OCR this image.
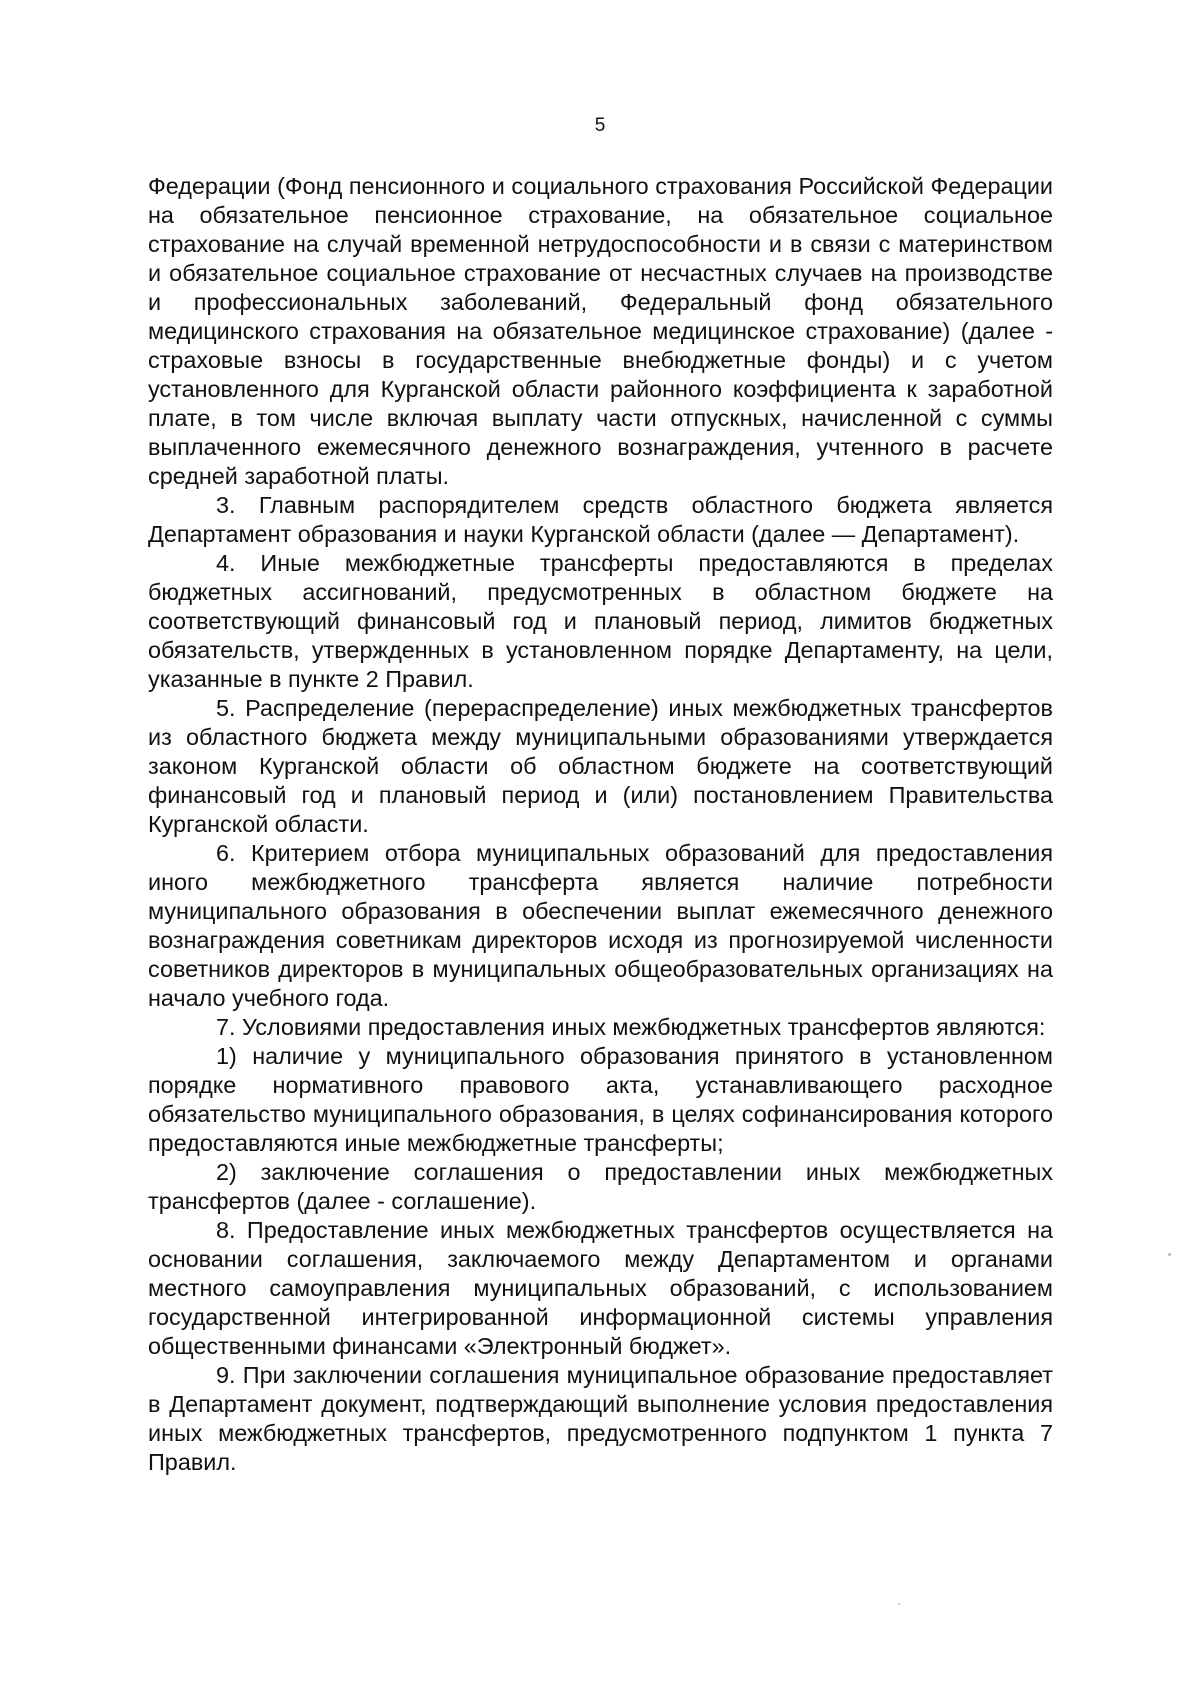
5

Федерации (Фонд пенсионного и социального страхования Российской Федерации на обязательное пенсионное страхование, на обязательное социальное страхование на случай временной нетрудоспособности и в связи с материнством и обязательное социальное страхование от несчастных случаев на производстве и профессиональных заболеваний, Федеральный фонд обязательного медицинского страхования на обязательное медицинское страхование) (далее - страховые взносы в государственные внебюджетные фонды) и с учетом установленного для Курганской области районного коэффициента к заработной плате, в том числе включая выплату части отпускных, начисленной с суммы выплаченного ежемесячного денежного вознаграждения, учтенного в расчете средней заработной платы.

3. Главным распорядителем средств областного бюджета является Департамент образования и науки Курганской области (далее — Департамент).

4. Иные межбюджетные трансферты предоставляются в пределах бюджетных ассигнований, предусмотренных в областном бюджете на соответствующий финансовый год и плановый период, лимитов бюджетных обязательств, утвержденных в установленном порядке Департаменту, на цели, указанные в пункте 2 Правил.

5. Распределение (перераспределение) иных межбюджетных трансфертов из областного бюджета между муниципальными образованиями утверждается законом Курганской области об областном бюджете на соответствующий финансовый год и плановый период и (или) постановлением Правительства Курганской области.

6. Критерием отбора муниципальных образований для предоставления иного межбюджетного трансферта является наличие потребности муниципального образования в обеспечении выплат ежемесячного денежного вознаграждения советникам директоров исходя из прогнозируемой численности советников директоров в муниципальных общеобразовательных организациях на начало учебного года.

7. Условиями предоставления иных межбюджетных трансфертов являются:

1) наличие у муниципального образования принятого в установленном порядке нормативного правового акта, устанавливающего расходное обязательство муниципального образования, в целях софинансирования которого предоставляются иные межбюджетные трансферты;

2) заключение соглашения о предоставлении иных межбюджетных трансфертов (далее - соглашение).

8. Предоставление иных межбюджетных трансфертов осуществляется на основании соглашения, заключаемого между Департаментом и органами местного самоуправления муниципальных образований, с использованием государственной интегрированной информационной системы управления общественными финансами «Электронный бюджет».

9. При заключении соглашения муниципальное образование предоставляет в Департамент документ, подтверждающий выполнение условия предоставления иных межбюджетных трансфертов, предусмотренного подпунктом 1 пункта 7 Правил.
